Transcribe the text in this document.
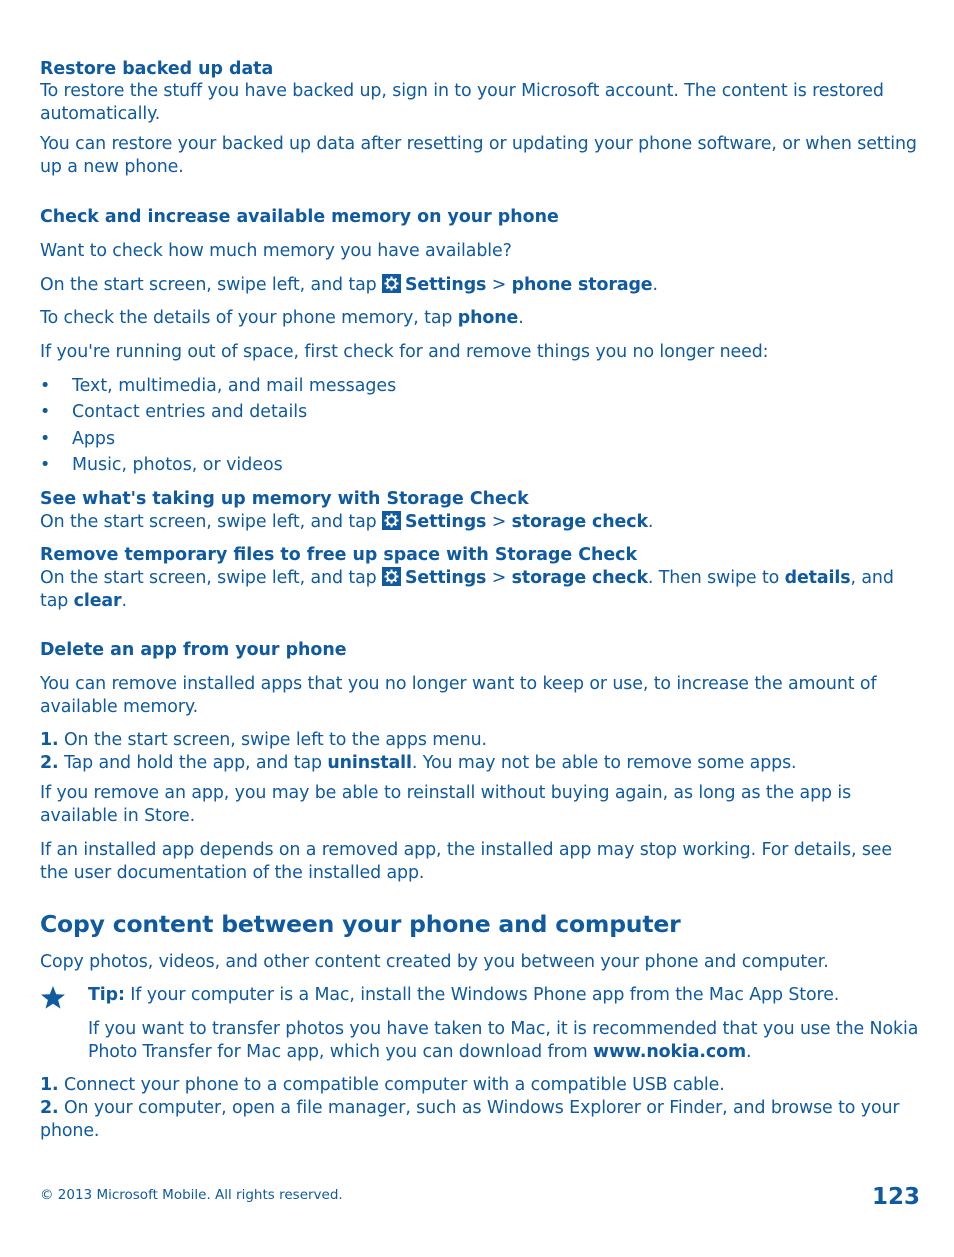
Restore backed up data
To restore the stuff you have backed up, sign in to your Microsoft account. The content is restored automatically.
You can restore your backed up data after resetting or updating your phone software, or when setting up a new phone.
Check and increase available memory on your phone
Want to check how much memory you have available?
On the start screen, swipe left, and tap
Settings > phone storage.
To check the details of your phone memory, tap phone.
If you're running out of space, first check for and remove things you no longer need:
• Text, multimedia, and mail messages
• Contact entries and details
• Apps
• Music, photos, or videos
See what's taking up memory with Storage Check
On the start screen, swipe left, and tap
Settings > storage check.
Remove temporary files to free up space with Storage Check
On the start screen, swipe left, and tap
Settings > storage check. Then swipe to details, and tap clear.
Delete an app from your phone
You can remove installed apps that you no longer want to keep or use, to increase the amount of available memory.
1. On the start screen, swipe left to the apps menu.
2. Tap and hold the app, and tap uninstall. You may not be able to remove some apps.
If you remove an app, you may be able to reinstall without buying again, as long as the app is available in Store.
If an installed app depends on a removed app, the installed app may stop working. For details, see the user documentation of the installed app.
Copy content between your phone and computer
Copy photos, videos, and other content created by you between your phone and computer.
Tip: If your computer is a Mac, install the Windows Phone app from the Mac App Store.
If you want to transfer photos you have taken to Mac, it is recommended that you use the Nokia Photo Transfer for Mac app, which you can download from www.nokia.com.
1. Connect your phone to a compatible computer with a compatible USB cable.
2. On your computer, open a file manager, such as Windows Explorer or Finder, and browse to your phone.
© 2013 Microsoft Mobile. All rights reserved.	123
